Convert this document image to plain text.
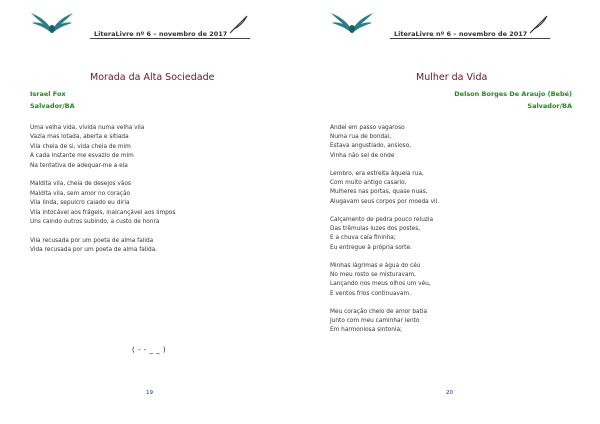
LiteraLivre nº 6 – novembro de 2017
Morada da Alta Sociedade
Israel Fox
Salvador/BA
Uma velha vida, vivida numa velha vila
Vazia mas lotada, aberta e sitiada
Vila cheia de si, vida cheia de mim
A cada instante me esvazio de mim
Na tentativa de adequar-me a ela
Maldita vila, cheia de desejos vãos
Maldita vila, sem amor no coração
Vila linda, sepulcro caiado eu diria
Vila intocável aos frágeis, inalcançável aos limpos
Uns caindo outros subindo, a custo de honra
Vila recusada por um poeta de alma falida
Vida recusada por um poeta de alma falida.
( - - _ _ )
19
LiteraLivre nº 6 – novembro de 2017
Mulher da Vida
Delson Borges De Araujo (Bebé)
Salvador/BA
Andei em passo vagaroso
Numa rua de bondai,
Estava angustiado, ansioso,
Vinha não sei de onde
Lembro, era estreita àquela rua,
Com muito antigo casario,
Mulheres nas portas, quase nuas,
Alugavam seus corpos por moeda vil.
Calçamento de pedra pouco reluzia
Das trêmulas luzes dos postes,
E a chuva caía fininha;
Eu entregue à própria sorte.
Minhas lágrimas e água do céu
No meu rosto se misturavam,
Lançando nos meus olhos um véu,
E ventos frios continuavam.
Meu coração cheio de amor batia
Junto com meu caminhar lento
Em harmoniosa sintonia;
20
